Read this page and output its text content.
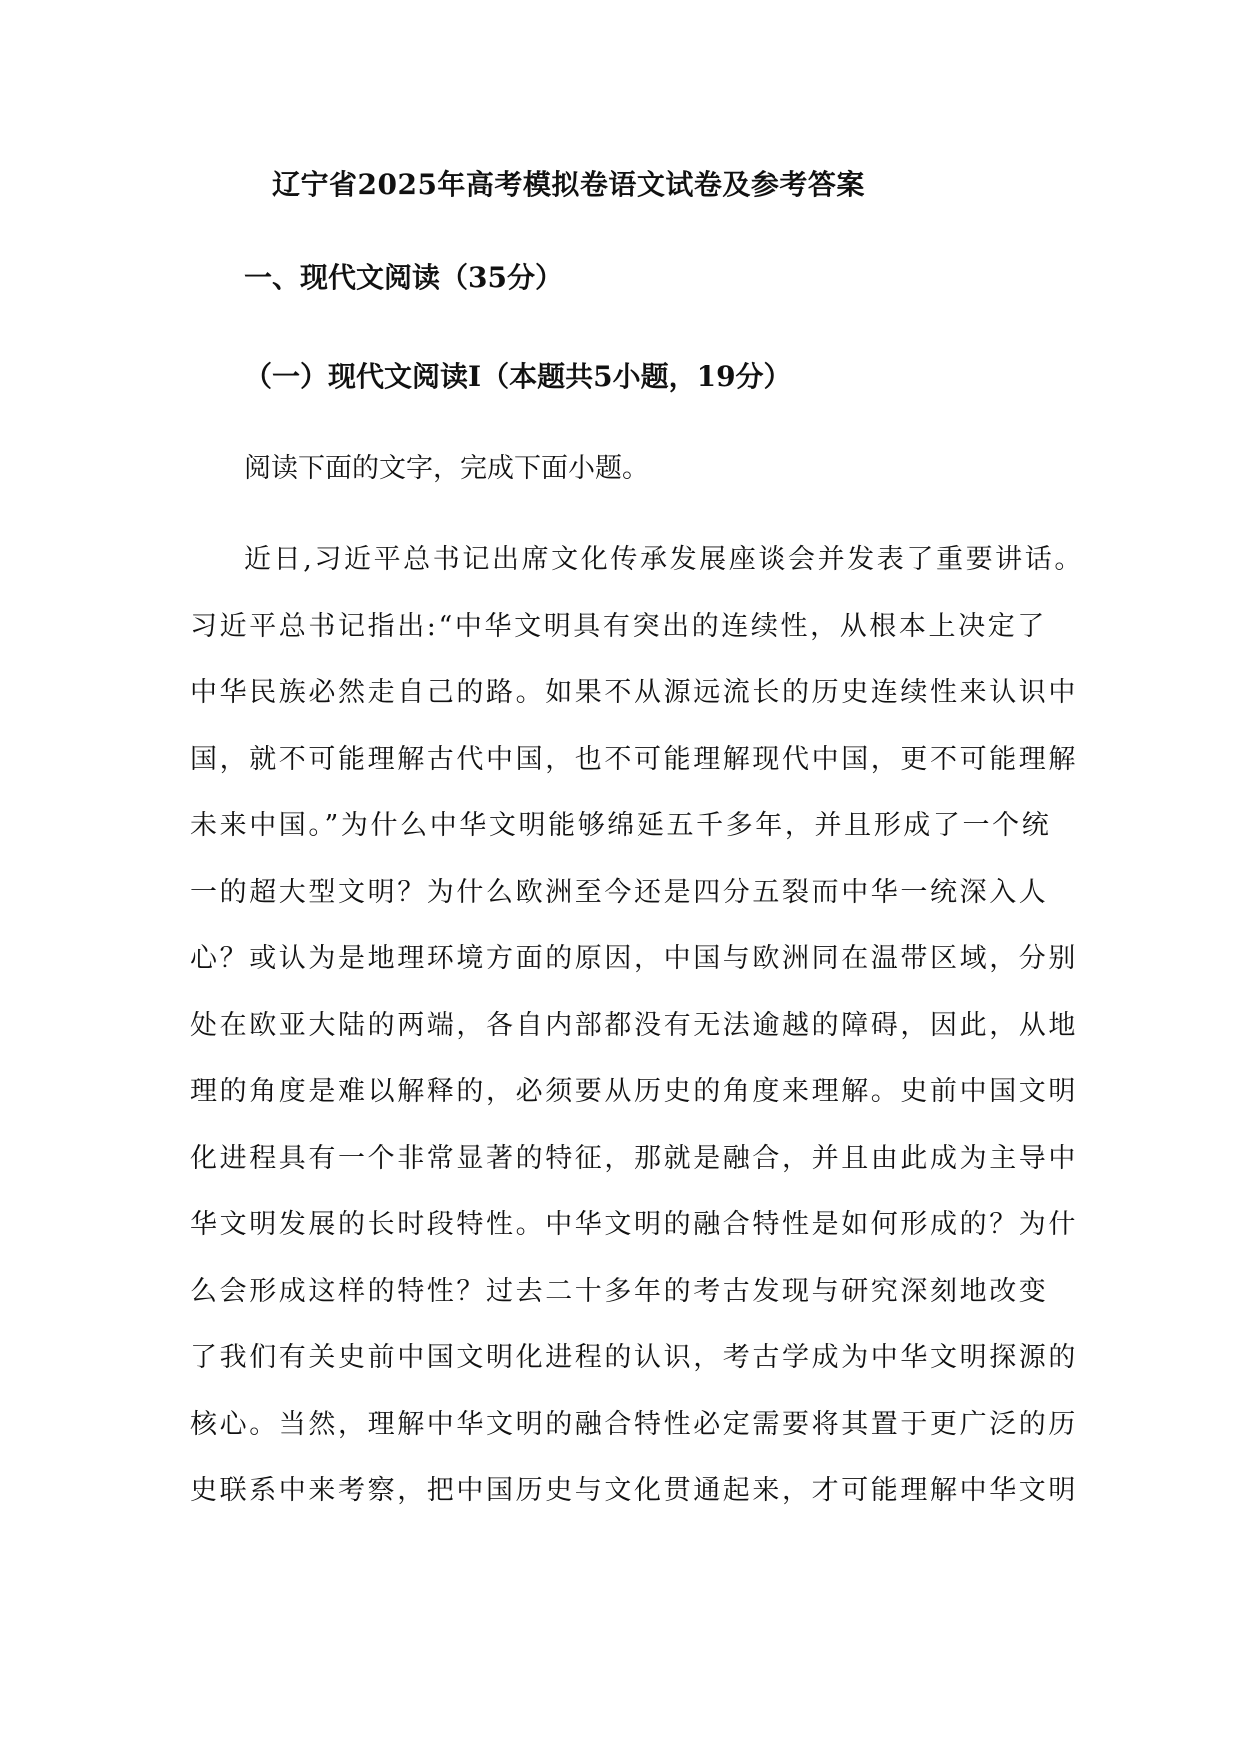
辽宁省2025年高考模拟卷语文试卷及参考答案
一、现代文阅读（35分）
（一）现代文阅读Ⅰ（本题共5小题，19分）
阅读下面的文字，完成下面小题。
近日,习近平总书记出席文化传承发展座谈会并发表了重要讲话。
习近平总书记指出:“中华文明具有突出的连续性，从根本上决定了
中华民族必然走自己的路。如果不从源远流长的历史连续性来认识中
国，就不可能理解古代中国，也不可能理解现代中国，更不可能理解
未来中国。”为什么中华文明能够绵延五千多年，并且形成了一个统
一的超大型文明？为什么欧洲至今还是四分五裂而中华一统深入人
心？或认为是地理环境方面的原因，中国与欧洲同在温带区域，分别
处在欧亚大陆的两端，各自内部都没有无法逾越的障碍，因此，从地
理的角度是难以解释的，必须要从历史的角度来理解。史前中国文明
化进程具有一个非常显著的特征，那就是融合，并且由此成为主导中
华文明发展的长时段特性。中华文明的融合特性是如何形成的？为什
么会形成这样的特性？过去二十多年的考古发现与研究深刻地改变
了我们有关史前中国文明化进程的认识，考古学成为中华文明探源的
核心。当然，理解中华文明的融合特性必定需要将其置于更广泛的历
史联系中来考察，把中国历史与文化贯通起来，才可能理解中华文明
